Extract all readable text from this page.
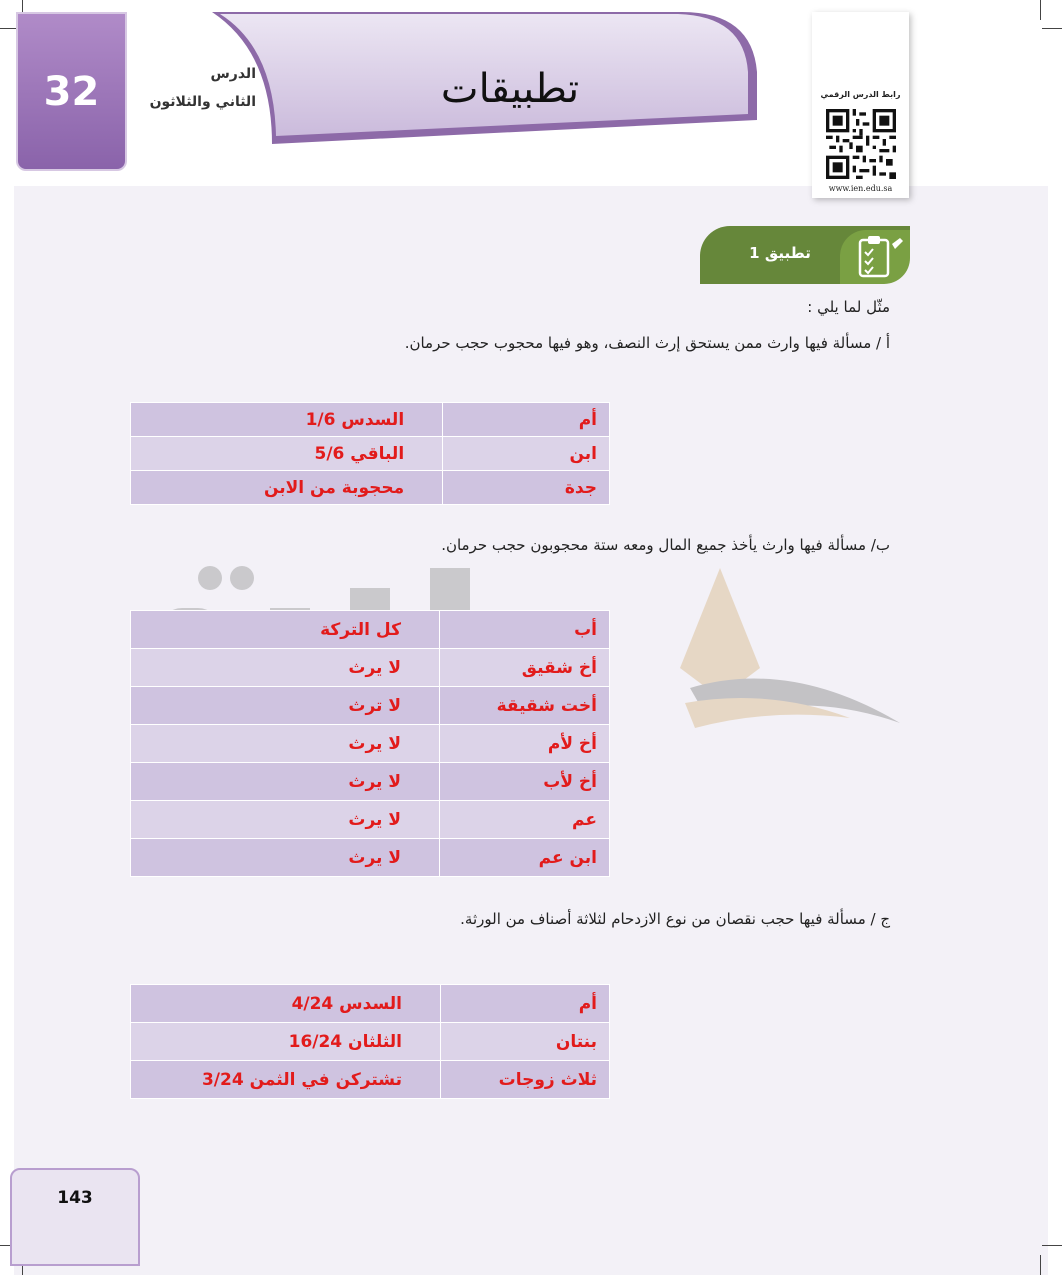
32	الدرس
الثاني والثلاثون	تطبيقات	رابط الدرس الرقمي
www.ien.edu.sa
تطبيق 1
مثّل لما يلي :
أ / مسألة فيها وارث ممن يستحق إرث النصف، وهو فيها محجوب حجب حرمان.
السدس 1/6	أم
الباقي 5/6	ابن
محجوبة من الابن	جدة
ب/ مسألة فيها وارث يأخذ جميع المال ومعه ستة محجوبون حجب حرمان.
كل التركة	أب
لا يرث	أخ شقيق
لا ترث	أخت شقيقة
لا يرث	أخ لأم
لا يرث	أخ لأب
لا يرث	عم
لا يرث	ابن عم
ج / مسألة فيها حجب نقصان من نوع الازدحام لثلاثة أصناف من الورثة.
السدس 4/24	أم
الثلثان 16/24	بنتان
تشتركن في الثمن 3/24	ثلاث زوجات
143
